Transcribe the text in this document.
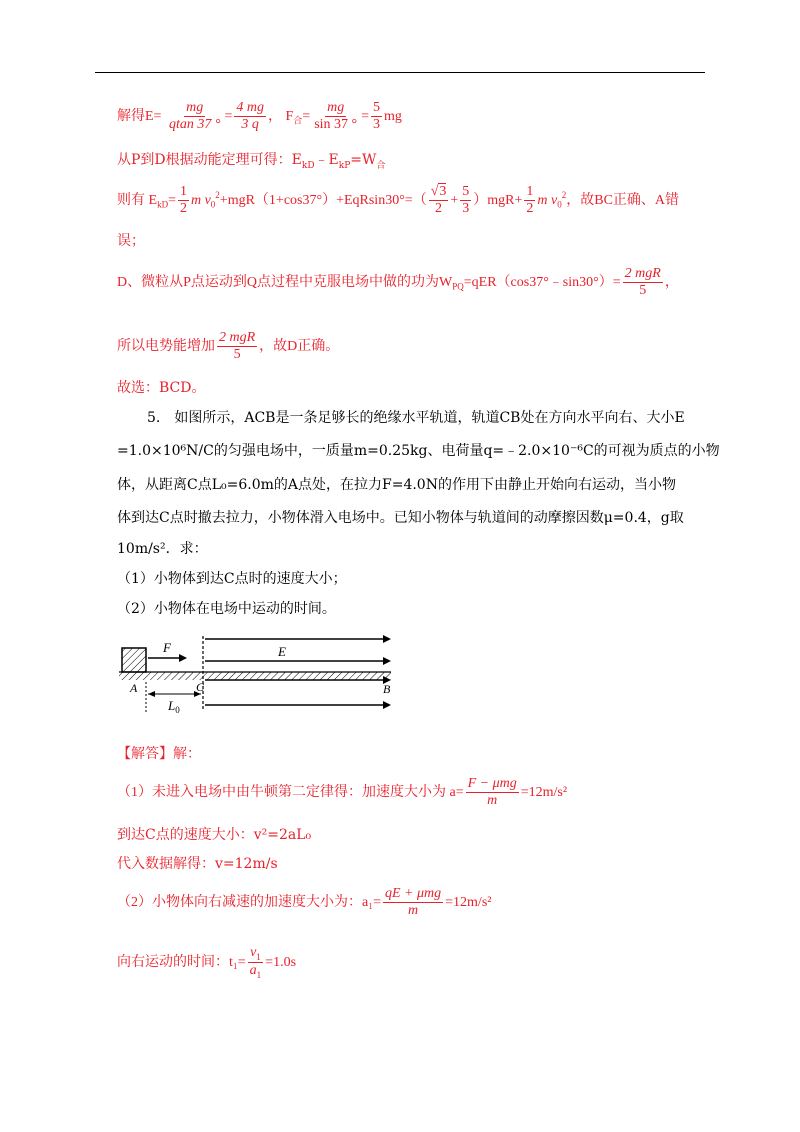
解得$E= \frac{mg}{qtan 37 ^\circ} = \frac{4 mg}{3 q}$ ， $F_合= \frac{mg}{\sin 37 ^\circ} = \frac{5}{3}$ mg
从P到D根据动能定理可得：$E_{kD}﹣E_{kP}=W_合$
则有 $E_{kD}= \frac{1}{2}$ m $v_0^2+mgR(1+\cos 37^\circ)+EqRsin30^\circ=( \frac{√3}{2} + \frac{5}{3} )mgR+ \frac{1}{2}$ m $v_0^2$，故BC正确、A错
误；
D、微粒从P点运动到Q点过程中克服电场中做的功为$W_{PQ}=qER(\cos 37^\circ﹣\sin 30^\circ)= \frac{\text{2 mgR}}{5}$ ，
所以电势能增加 $\frac{\text{2 mgR}}{5}$ ，故D正确。
故选：BCD。
5.　如图所示，ACB是一条足够长的绝缘水平轨道，轨道CB处在方向水平向右、大小E
=1.0×10⁶N/C的匀强电场中，一质量m=0.25kg、电荷量q=﹣2.0×10⁻⁶C的可视为质点的小物
体，从距离C点L₀=6.0m的A点处，在拉力F=4.0N的作用下由静止开始向右运动，当小物
体到达C点时撤去拉力，小物体滑入电场中。已知小物体与轨道间的动摩擦因数μ=0.4，g取
10m/s²．求：
（1）小物体到达C点时的速度大小；
（2）小物体在电场中运动的时间。
F	E
A	C	B
$L_0$
【解答】解：
（1）未进入电场中由牛顿第二定律得：加速度大小为 $a= \frac{\text{F − μmg}}{m} =12m/s^2$
到达C点的速度大小：v²=2aL₀
代入数据解得：v=12m/s
（2）小物体向右减速的加速度大小为：$a_1= \frac{\text{qE + μmg}}{m} =12m/s^2$
向右运动的时间：$t_1= \frac{v_1}{a_1} =1.0s$
